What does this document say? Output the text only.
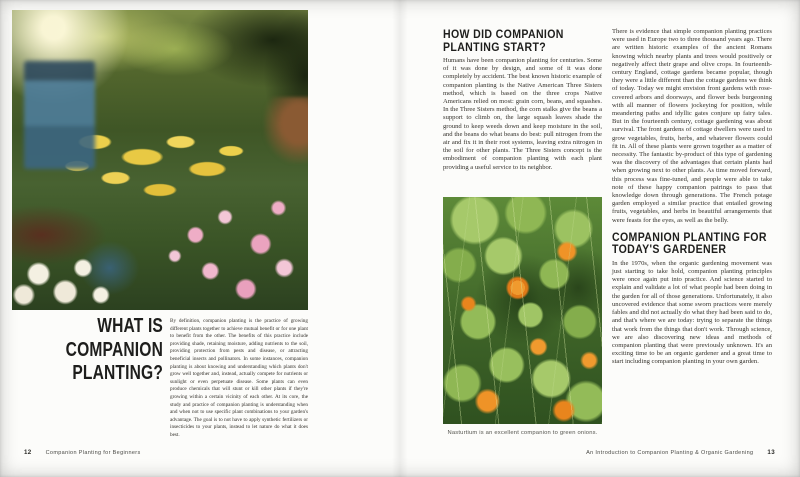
WHAT IS
COMPANION
PLANTING?

By definition, companion planting is the practice of growing different plants together to achieve mutual benefit or for one plant to benefit from the other. The benefits of this practice include providing shade, retaining moisture, adding nutrients to the soil, providing protection from pests and disease, or attracting beneficial insects and pollinators. In some instances, companion planting is about knowing and understanding which plants don't grow well together and, instead, actually compete for nutrients or sunlight or even perpetuate disease. Some plants can even produce chemicals that will stunt or kill other plants if they're growing within a certain vicinity of each other. At its core, the study and practice of companion planting is understanding when and when not to use specific plant combinations to your garden's advantage. The goal is to not have to apply synthetic fertilizers or insecticides to your plants, instead to let nature do what it does best.

12	Companion Planting for Beginners
HOW DID COMPANION
PLANTING START?

Humans have been companion planting for centuries. Some of it was done by design, and some of it was done completely by accident. The best known historic example of companion planting is the Native American Three Sisters method, which is based on the three crops Native Americans relied on most: grain corn, beans, and squashes. In the Three Sisters method, the corn stalks give the beans a support to climb on, the large squash leaves shade the ground to keep weeds down and keep moisture in the soil, and the beans do what beans do best: pull nitrogen from the air and fix it in their root systems, leaving extra nitrogen in the soil for other plants. The Three Sisters concept is the embodiment of companion planting with each plant providing a useful service to its neighbor.

Nasturtium is an excellent companion to green onions.

There is evidence that simple companion planting practices were used in Europe two to three thousand years ago. There are written historic examples of the ancient Romans knowing which nearby plants and trees would positively or negatively affect their grape and olive crops. In fourteenth-century England, cottage gardens became popular, though they were a little different than the cottage gardens we think of today. Today we might envision front gardens with rose-covered arbors and doorways, and flower beds burgeoning with all manner of flowers jockeying for position, while meandering paths and idyllic gates conjure up fairy tales. But in the fourteenth century, cottage gardening was about survival. The front gardens of cottage dwellers were used to grow vegetables, fruits, herbs, and whatever flowers could fit in. All of these plants were grown together as a matter of necessity. The fantastic by-product of this type of gardening was the discovery of the advantages that certain plants had when growing next to other plants. As time moved forward, this process was fine-tuned, and people were able to take note of these happy companion pairings to pass that knowledge down through generations. The French potage garden employed a similar practice that entailed growing fruits, vegetables, and herbs in beautiful arrangements that were feasts for the eyes, as well as the belly.

COMPANION PLANTING FOR
TODAY'S GARDENER

In the 1970s, when the organic gardening movement was just starting to take hold, companion planting principles were once again put into practice. And science started to explain and validate a lot of what people had been doing in the garden for all of those generations. Unfortunately, it also uncovered evidence that some sworn practices were merely fables and did not actually do what they had been said to do, and that's where we are today: trying to separate the things that work from the things that don't work. Through science, we are also discovering new ideas and methods of companion planting that were previously unknown. It's an exciting time to be an organic gardener and a great time to start including companion planting in your own garden.

An Introduction to Companion Planting & Organic Gardening 13
